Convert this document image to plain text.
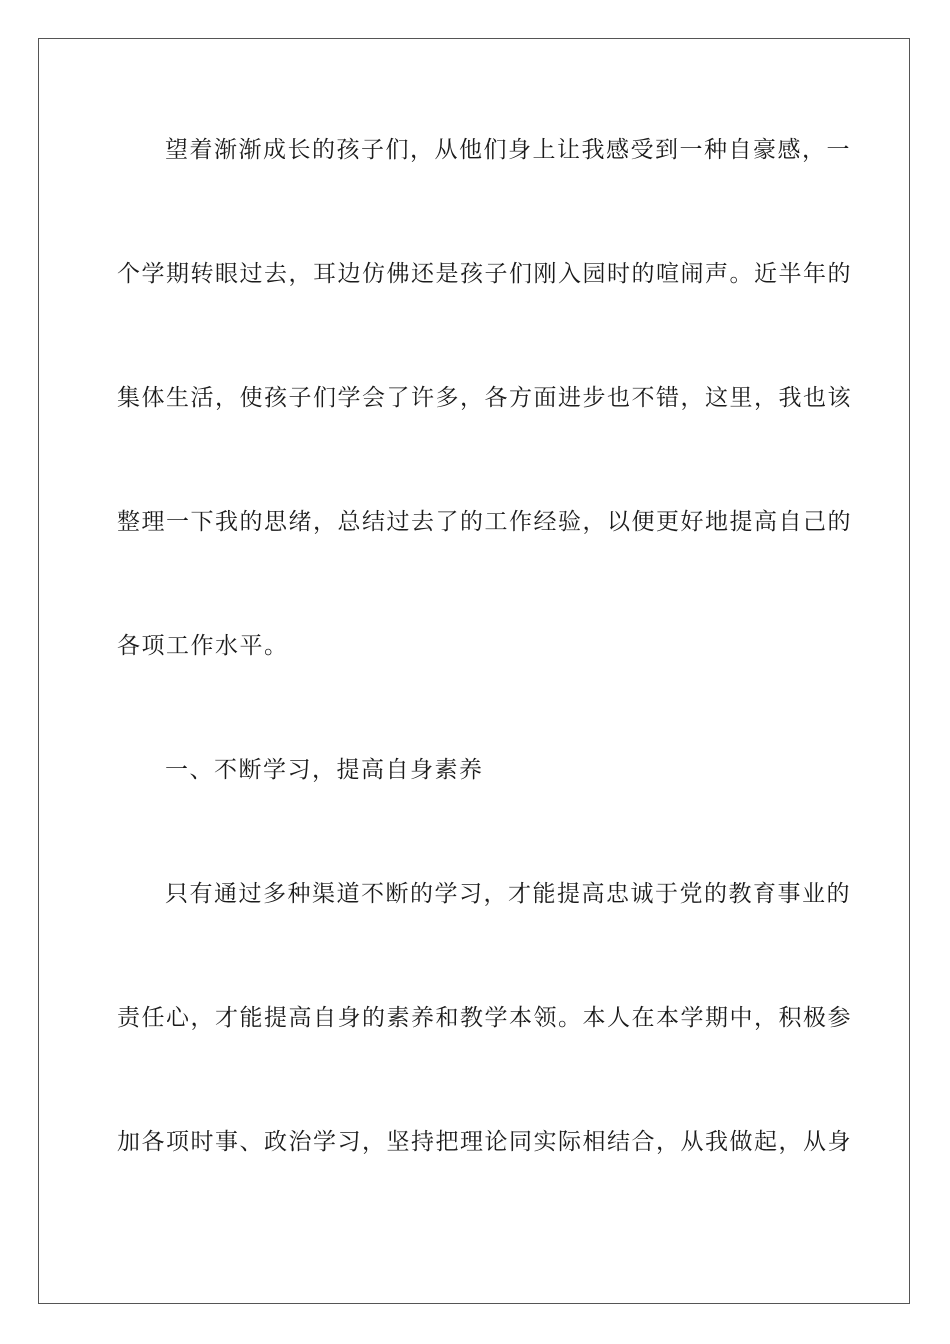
望着渐渐成长的孩子们，从他们身上让我感受到一种自豪感，一
个学期转眼过去，耳边仿佛还是孩子们刚入园时的喧闹声。近半年的
集体生活，使孩子们学会了许多，各方面进步也不错，这里，我也该
整理一下我的思绪，总结过去了的工作经验，以便更好地提高自己的
各项工作水平。
一、不断学习，提高自身素养
只有通过多种渠道不断的学习，才能提高忠诚于党的教育事业的
责任心，才能提高自身的素养和教学本领。本人在本学期中，积极参
加各项时事、政治学习，坚持把理论同实际相结合，从我做起，从身
